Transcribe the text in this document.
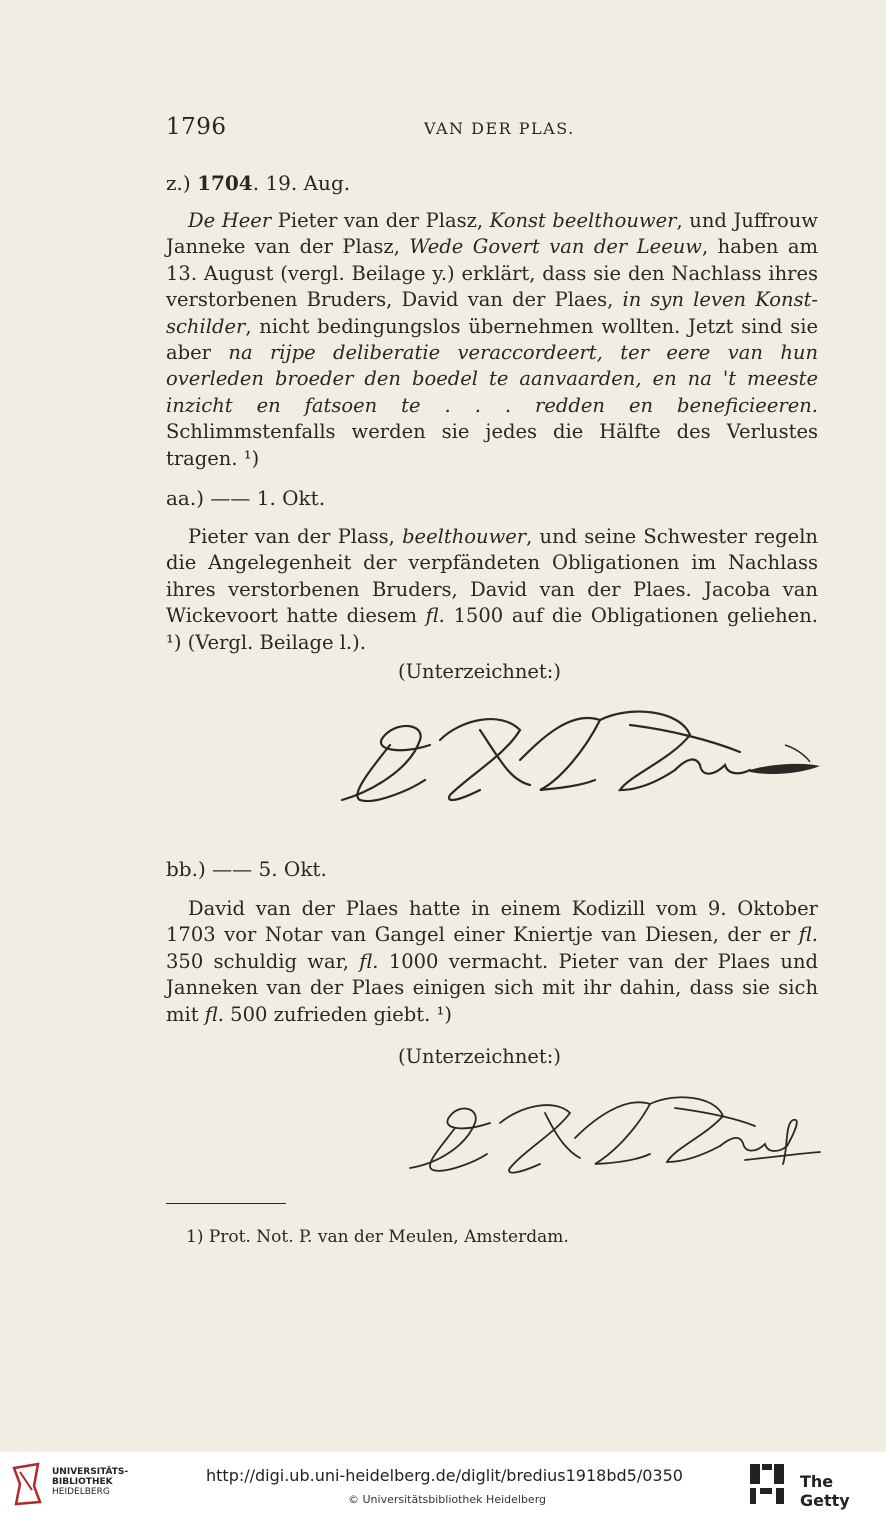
1796	VAN DER PLAS.
z.) 1704. 19. Aug.

De Heer Pieter van der Plasz, Konst beelthouwer, und Juffrouw Janneke van der Plasz, Wede Govert van der Leeuw, haben am 13. August (vergl. Beilage y.) erklärt, dass sie den Nachlass ihres verstorbenen Bruders, David van der Plaes, in syn leven Konst-schilder, nicht bedingungslos übernehmen wollten. Jetzt sind sie aber na rijpe deliberatie veraccordeert, ter eere van hun overleden broeder den boedel te aanvaarden, en na 't meeste inzicht en fatsoen te . . . redden en beneficieeren. Schlimmstenfalls werden sie jedes die Hälfte des Verlustes tragen. ¹)

aa.) —— 1. Okt.

Pieter van der Plass, beelthouwer, und seine Schwester regeln die Angelegenheit der verpfändeten Obligationen im Nachlass ihres verstorbenen Bruders, David van der Plaes. Jacoba van Wickevoort hatte diesem fl. 1500 auf die Obligationen geliehen. ¹) (Vergl. Beilage l.).

(Unterzeichnet:)
bb.) —— 5. Okt.

David van der Plaes hatte in einem Kodizill vom 9. Oktober 1703 vor Notar van Gangel einer Kniertje van Diesen, der er fl. 350 schuldig war, fl. 1000 vermacht. Pieter van der Plaes und Janneken van der Plaes einigen sich mit ihr dahin, dass sie sich mit fl. 500 zufrieden giebt. ¹)

(Unterzeichnet:)
1) Prot. Not. P. van der Meulen, Amsterdam.
UNIVERSITÄTS-
BIBLIOTHEK
HEIDELBERG
http://digi.ub.uni-heidelberg.de/diglit/bredius1918bd5/0350
© Universitätsbibliothek Heidelberg
The Getty
